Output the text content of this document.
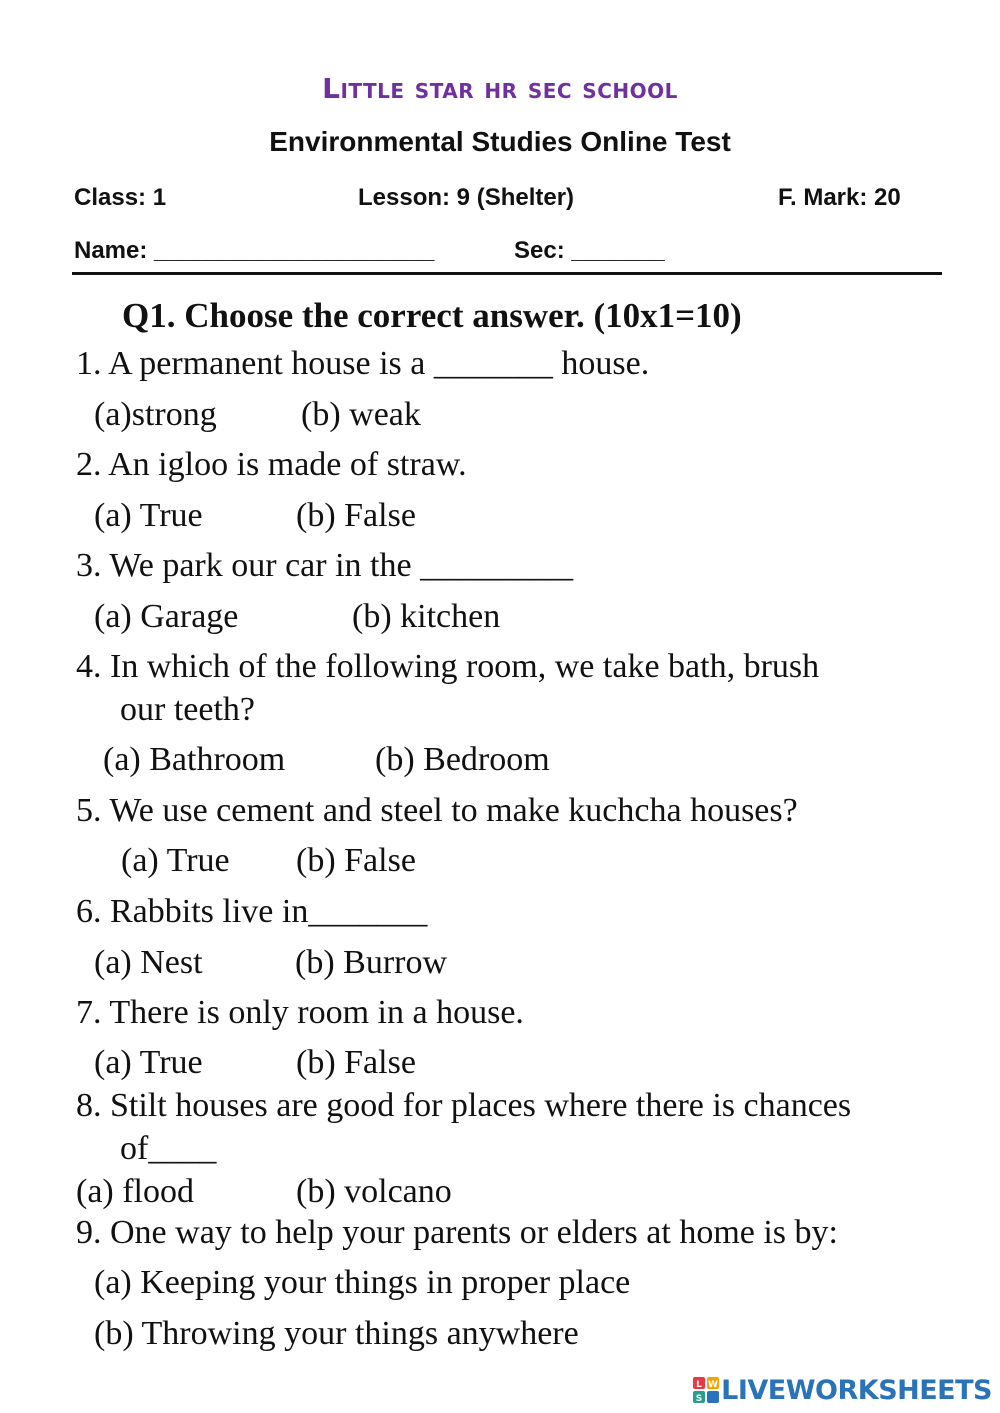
Little star hr sec school
Environmental Studies Online Test
Class: 1	Lesson: 9 (Shelter)	F. Mark: 20
Name: _____________________	Sec: _______
Q1. Choose the correct answer. (10x1=10)
1. A permanent house is a _______ house.
(a)strong (b) weak
2. An igloo is made of straw.
(a) True	(b) False
3. We park our car in the _________
(a) Garage	(b) kitchen
4. In which of the following room, we take bath, brush
our teeth?
(a) Bathroom	(b) Bedroom
5. We use cement and steel to make kuchcha houses?
(a) True (b) False
6. Rabbits live in_______
(a) Nest	(b) Burrow
7. There is only room in a house.
(a) True	(b) False
8. Stilt houses are good for places where there is chances
of____
(a) flood	(b) volcano
9. One way to help your parents or elders at home is by:
(a) Keeping your things in proper place
(b) Throwing your things anywhere
L W
S LIVEWORKSHEETS
